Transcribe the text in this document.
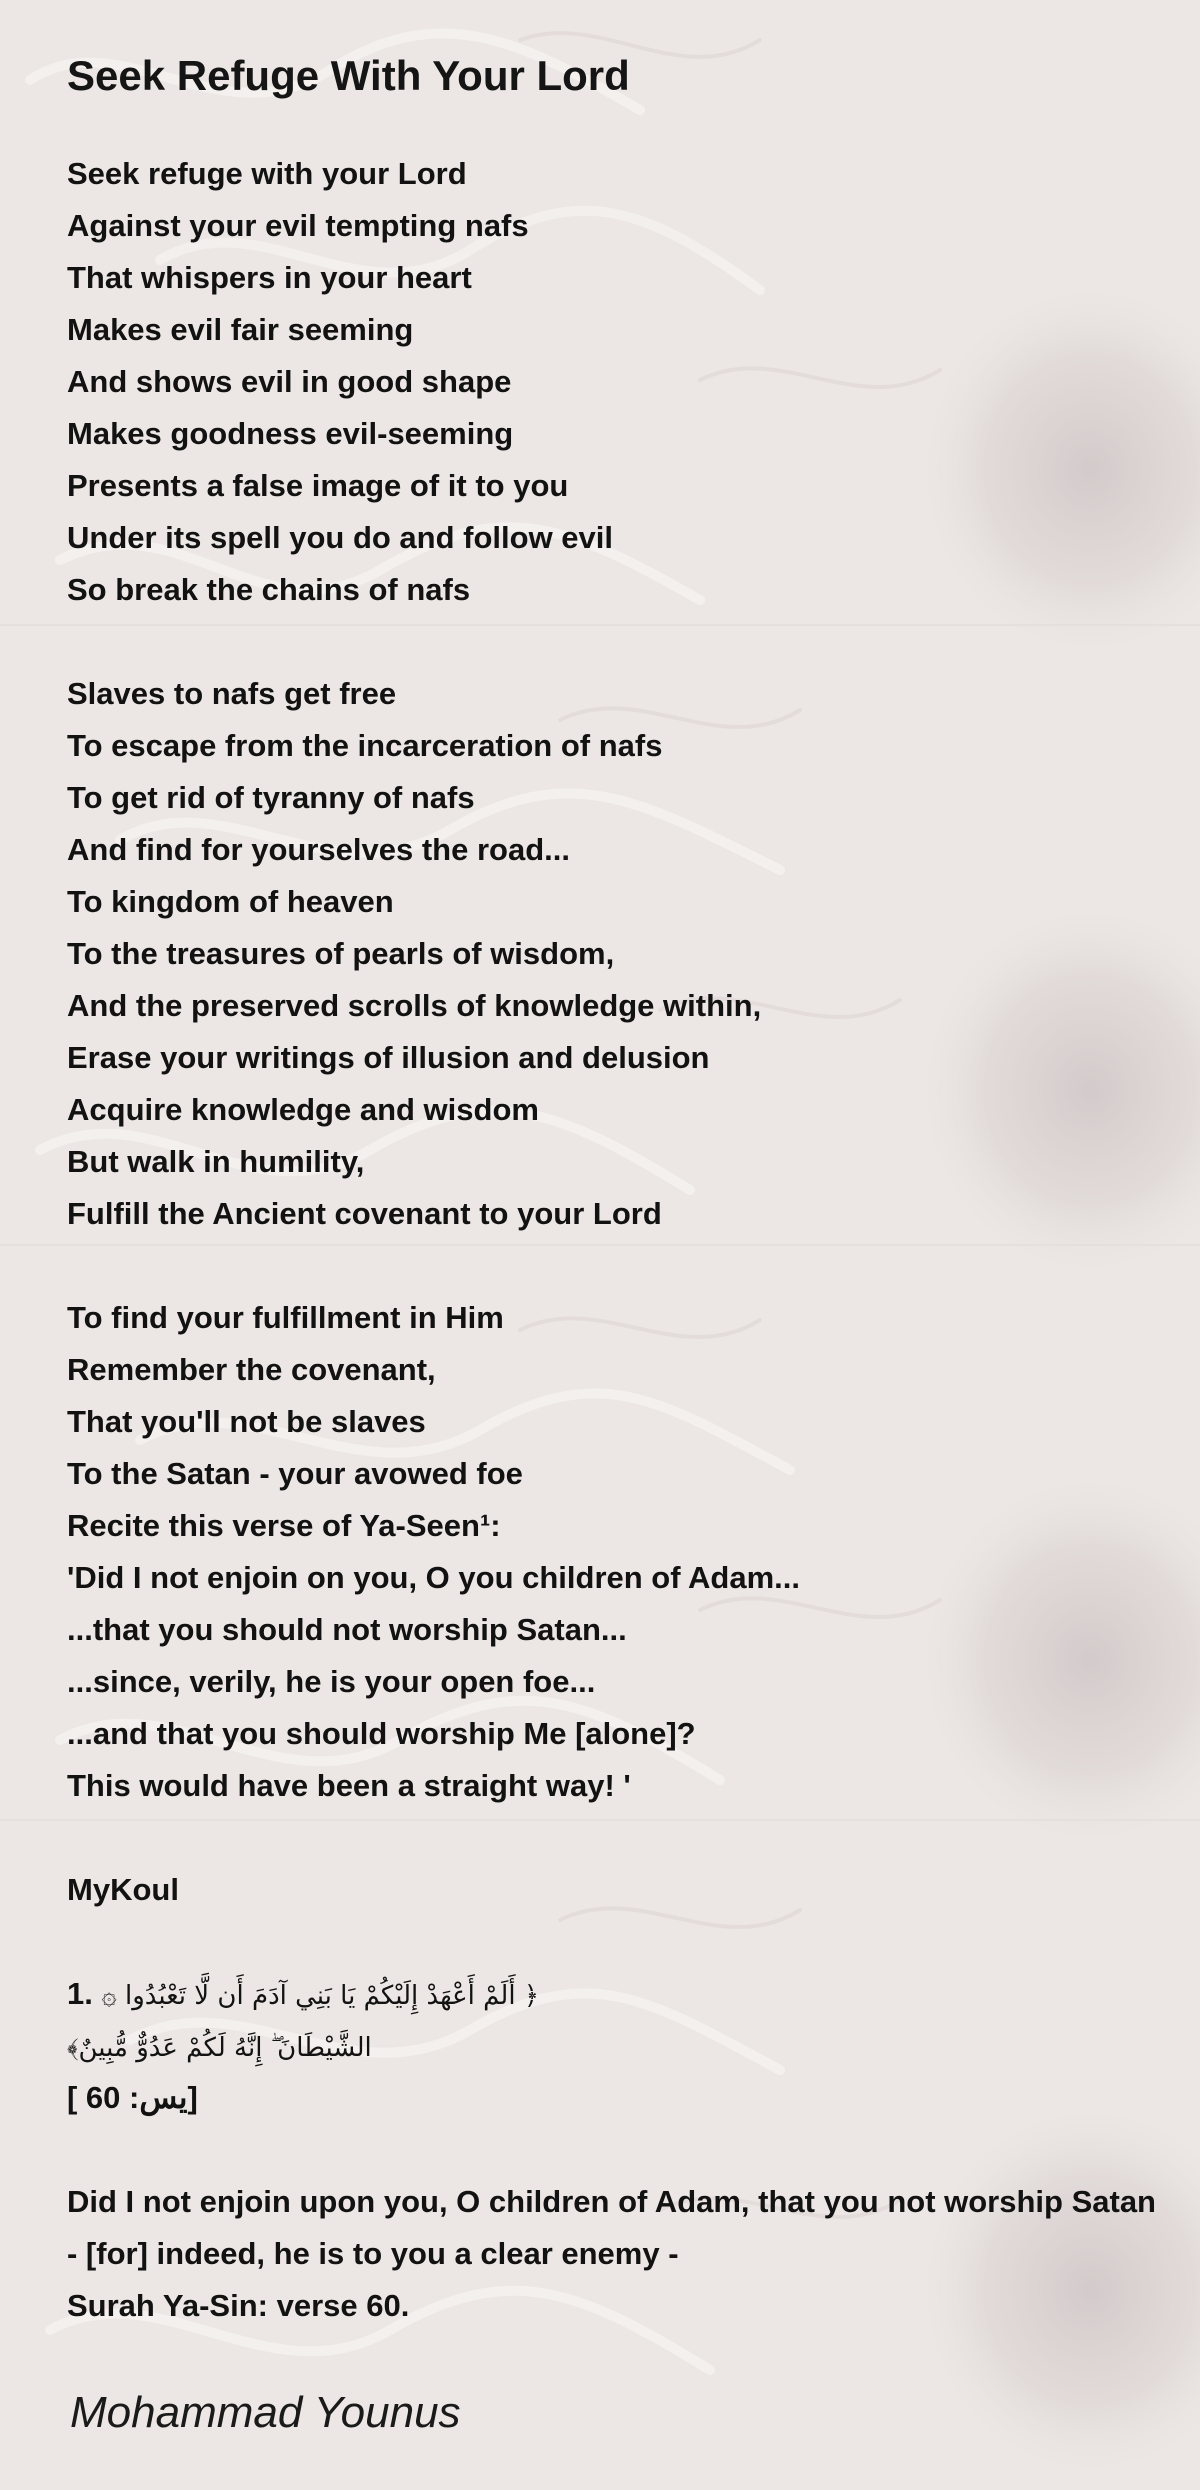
Seek Refuge With Your Lord
Seek refuge with your Lord
Against your evil tempting nafs
That whispers in your heart
Makes evil fair seeming
And shows evil in good shape
Makes goodness evil-seeming
Presents a false image of it to you
Under its spell you do and follow evil
So break the chains of nafs
Slaves to nafs get free
To escape from the incarceration of nafs
To get rid of tyranny of nafs
And find for yourselves the road...
To kingdom of heaven
To the treasures of pearls of wisdom,
And the preserved scrolls of knowledge within,
Erase your writings of illusion and delusion
Acquire knowledge and wisdom
But walk in humility,
Fulfill the Ancient covenant to your Lord
To find your fulfillment in Him
Remember the covenant,
That you'll not be slaves
To the Satan - your avowed foe
Recite this verse of Ya-Seen¹:
'Did I not enjoin on you, O you children of Adam...
...that you should not worship Satan...
...since, verily, he is your open foe...
...and that you should worship Me [alone]?
This would have been a straight way! '
MyKoul
1. ﴿ أَلَمْ أَعْهَدْ إِلَيْكُمْ يَا بَنِي آدَمَ أَن لَّا تَعْبُدُوا ۞
الشَّيْطَانَ ۖ إِنَّهُ لَكُمْ عَدُوٌّ مُّبِينٌ﴾
[ 60 :يس]
Did I not enjoin upon you, O children of Adam, that you not worship Satan
- [for] indeed, he is to you a clear enemy -
Surah Ya-Sin: verse 60.

Mohammad Younus
